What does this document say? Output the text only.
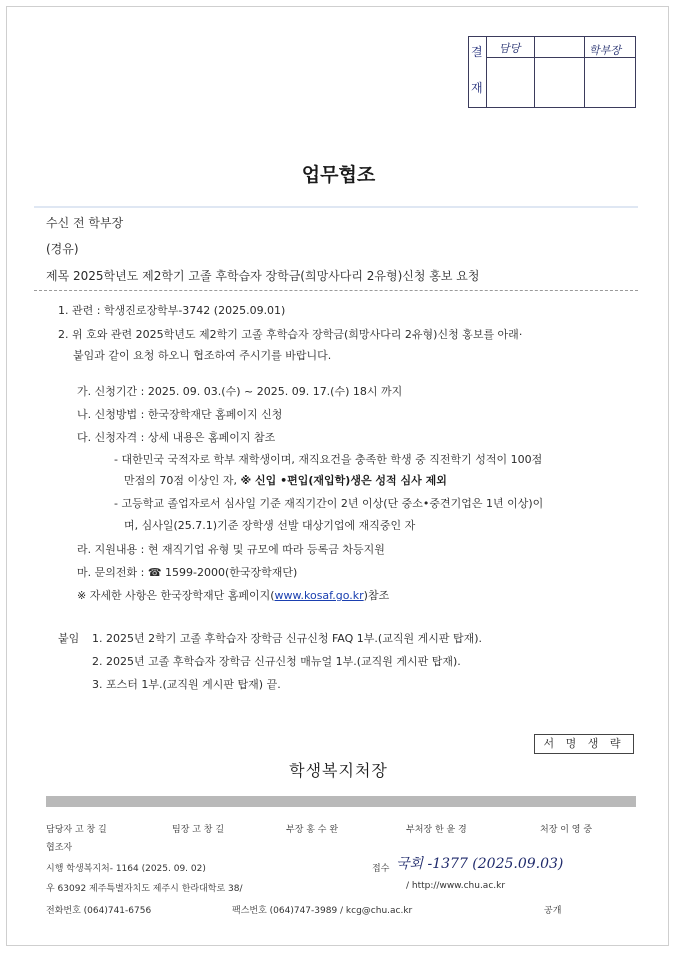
결
재
담당	학부장
업무협조
수신 전 학부장
(경유)
제목 2025학년도 제2학기 고졸 후학습자 장학금(희망사다리 2유형)신청 홍보 요청
1. 관련 : 학생진로장학부-3742 (2025.09.01)
2. 위 호와 관련 2025학년도 제2학기 고졸 후학습자 장학금(희망사다리 2유형)신청 홍보를 아래·
붙임과 같이 요청 하오니 협조하여 주시기를 바랍니다.
가. 신청기간 : 2025. 09. 03.(수) ~ 2025. 09. 17.(수) 18시 까지
나. 신청방법 : 한국장학재단 홈페이지 신청
다. 신청자격 : 상세 내용은 홈페이지 참조
- 대한민국 국적자로 학부 재학생이며, 재직요건을 충족한 학생 중 직전학기 성적이 100점
만점의 70점 이상인 자, ※ 신입 •편입(재입학)생은 성적 심사 제외
- 고등학교 졸업자로서 심사일 기준 재직기간이 2년 이상(단 중소•중견기업은 1년 이상)이
며, 심사일(25.7.1)기준 장학생 선발 대상기업에 재직중인 자
라. 지원내용 : 현 재직기업 유형 및 규모에 따라 등록금 차등지원
마. 문의전화 : ☎ 1599-2000(한국장학재단)
※ 자세한 사항은 한국장학재단 홈페이지(www.kosaf.go.kr)참조
붙임 1. 2025년 2학기 고졸 후학습자 장학금 신규신청 FAQ 1부.(교직원 게시판 탑재).
2. 2025년 고졸 후학습자 장학금 신규신청 매뉴얼 1부.(교직원 게시판 탑재).
3. 포스터 1부.(교직원 게시판 탑재) 끝.
서 명 생 략
학생복지처장
담당자 고 창 길	팀장 고 창 길	부장 홍 수 완	부처장 한 윤 경	처장 이 영 중
협조자
시행 학생복지처- 1164 (2025. 09. 02)	접수 국회 -1377 (2025.09.03)
우 63092 제주특별자치도 제주시 한라대학로 38/	/ http://www.chu.ac.kr
전화번호 (064)741-6756	팩스번호 (064)747-3989 / kcg@chu.ac.kr	공개
